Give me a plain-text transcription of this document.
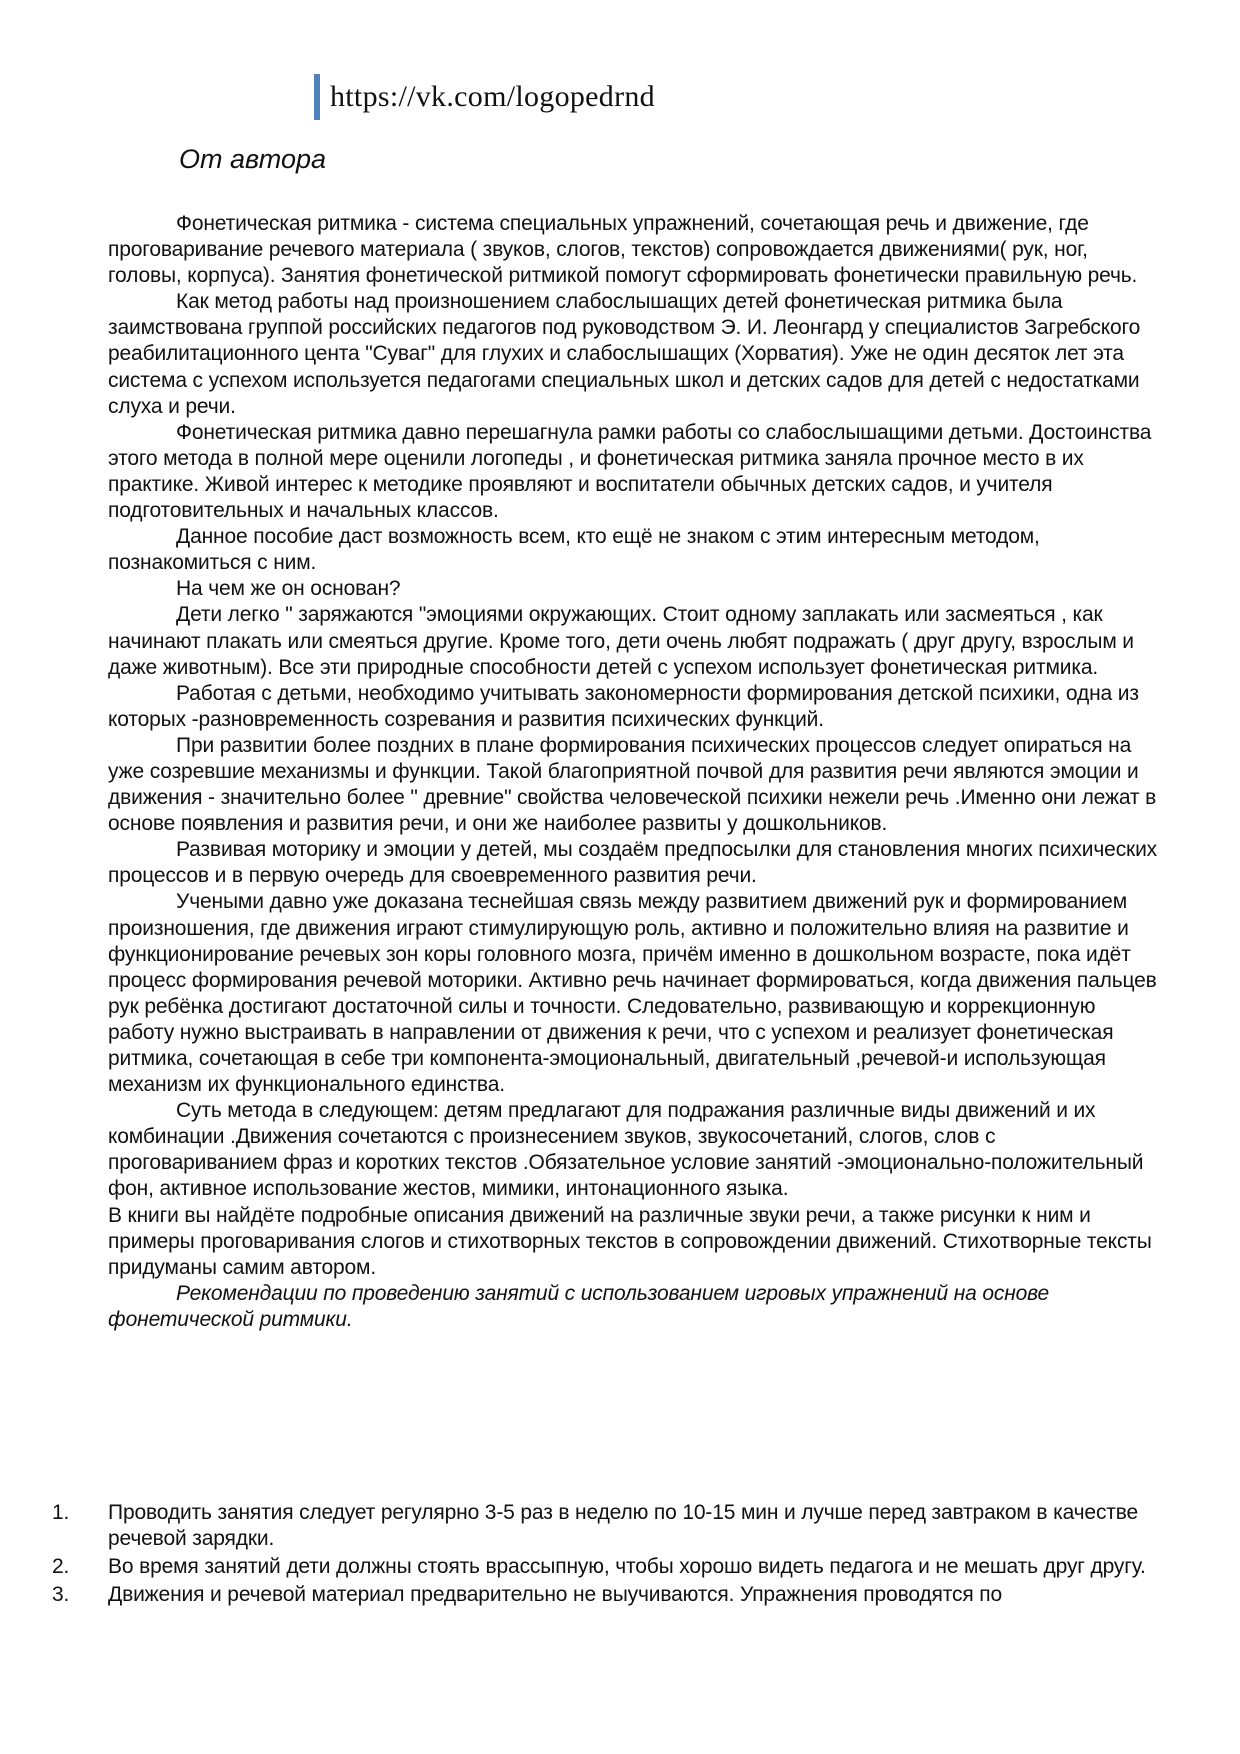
https://vk.com/logopedrnd
От автора

Фонетическая ритмика - система специальных упражнений, сочетающая речь и движение, где проговаривание речевого материала ( звуков, слогов, текстов) сопровождается движениями( рук, ног, головы, корпуса). Занятия фонетической ритмикой помогут сформировать фонетически правильную речь.

Как метод работы над произношением слабослышащих детей фонетическая ритмика была заимствована группой российских педагогов под руководством Э. И. Леонгард у специалистов Загребского реабилитационного цента "Суваг" для глухих и слабослышащих (Хорватия). Уже не один десяток лет эта система с успехом используется педагогами специальных школ и детских садов для детей с недостатками слуха и речи.

Фонетическая ритмика давно перешагнула рамки работы со слабослышащими детьми. Достоинства этого метода в полной мере оценили логопеды , и фонетическая ритмика заняла прочное место в их практике. Живой интерес к методике проявляют и воспитатели обычных детских садов, и учителя подготовительных и начальных классов.

Данное пособие даст возможность всем, кто ещё не знаком с этим интересным методом, познакомиться с ним.

На чем же он основан?

Дети легко " заряжаются "эмоциями окружающих. Стоит одному заплакать или засмеяться , как начинают плакать или смеяться другие. Кроме того, дети очень любят подражать ( друг другу, взрослым и даже животным). Все эти природные способности детей с успехом использует фонетическая ритмика.

Работая с детьми, необходимо учитывать закономерности формирования детской психики, одна из которых -разновременность созревания и развития психических функций.

При развитии более поздних в плане формирования психических процессов следует опираться на уже созревшие механизмы и функции. Такой благоприятной почвой для развития речи являются эмоции и движения - значительно более " древние" свойства человеческой психики нежели речь .Именно они лежат в основе появления и развития речи, и они же наиболее развиты у дошкольников.

Развивая моторику и эмоции у детей, мы создаём предпосылки для становления многих психических процессов и в первую очередь для своевременного развития речи.

Учеными давно уже доказана теснейшая связь между развитием движений рук и формированием произношения, где движения играют стимулирующую роль, активно и положительно влияя на развитие и функционирование речевых зон коры головного мозга, причём именно в дошкольном возрасте, пока идёт процесс формирования речевой моторики. Активно речь начинает формироваться, когда движения пальцев рук ребёнка достигают достаточной силы и точности. Следовательно, развивающую и коррекционную работу нужно выстраивать в направлении от движения к речи, что с успехом и реализует фонетическая ритмика, сочетающая в себе три компонента-эмоциональный, двигательный ,речевой-и использующая механизм их функционального единства.

Суть метода в следующем: детям предлагают для подражания различные виды движений и их комбинации .Движения сочетаются с произнесением звуков, звукосочетаний, слогов, слов с проговариванием фраз и коротких текстов .Обязательное условие занятий -эмоционально-положительный фон, активное использование жестов, мимики, интонационного языка.

В книги вы найдёте подробные описания движений на различные звуки речи, а также рисунки к ним и примеры проговаривания слогов и стихотворных текстов в сопровождении движений. Стихотворные тексты придуманы самим автором.

Рекомендации по проведению занятий с использованием игровых упражнений на основе фонетической ритмики.

1.	Проводить занятия следует регулярно 3-5 раз в неделю по 10-15 мин и лучше перед завтраком в качестве речевой зарядки.
2.	Во время занятий дети должны стоять врассыпную, чтобы хорошо видеть педагога и не мешать друг другу.
3.	Движения и речевой материал предварительно не выучиваются. Упражнения проводятся по
